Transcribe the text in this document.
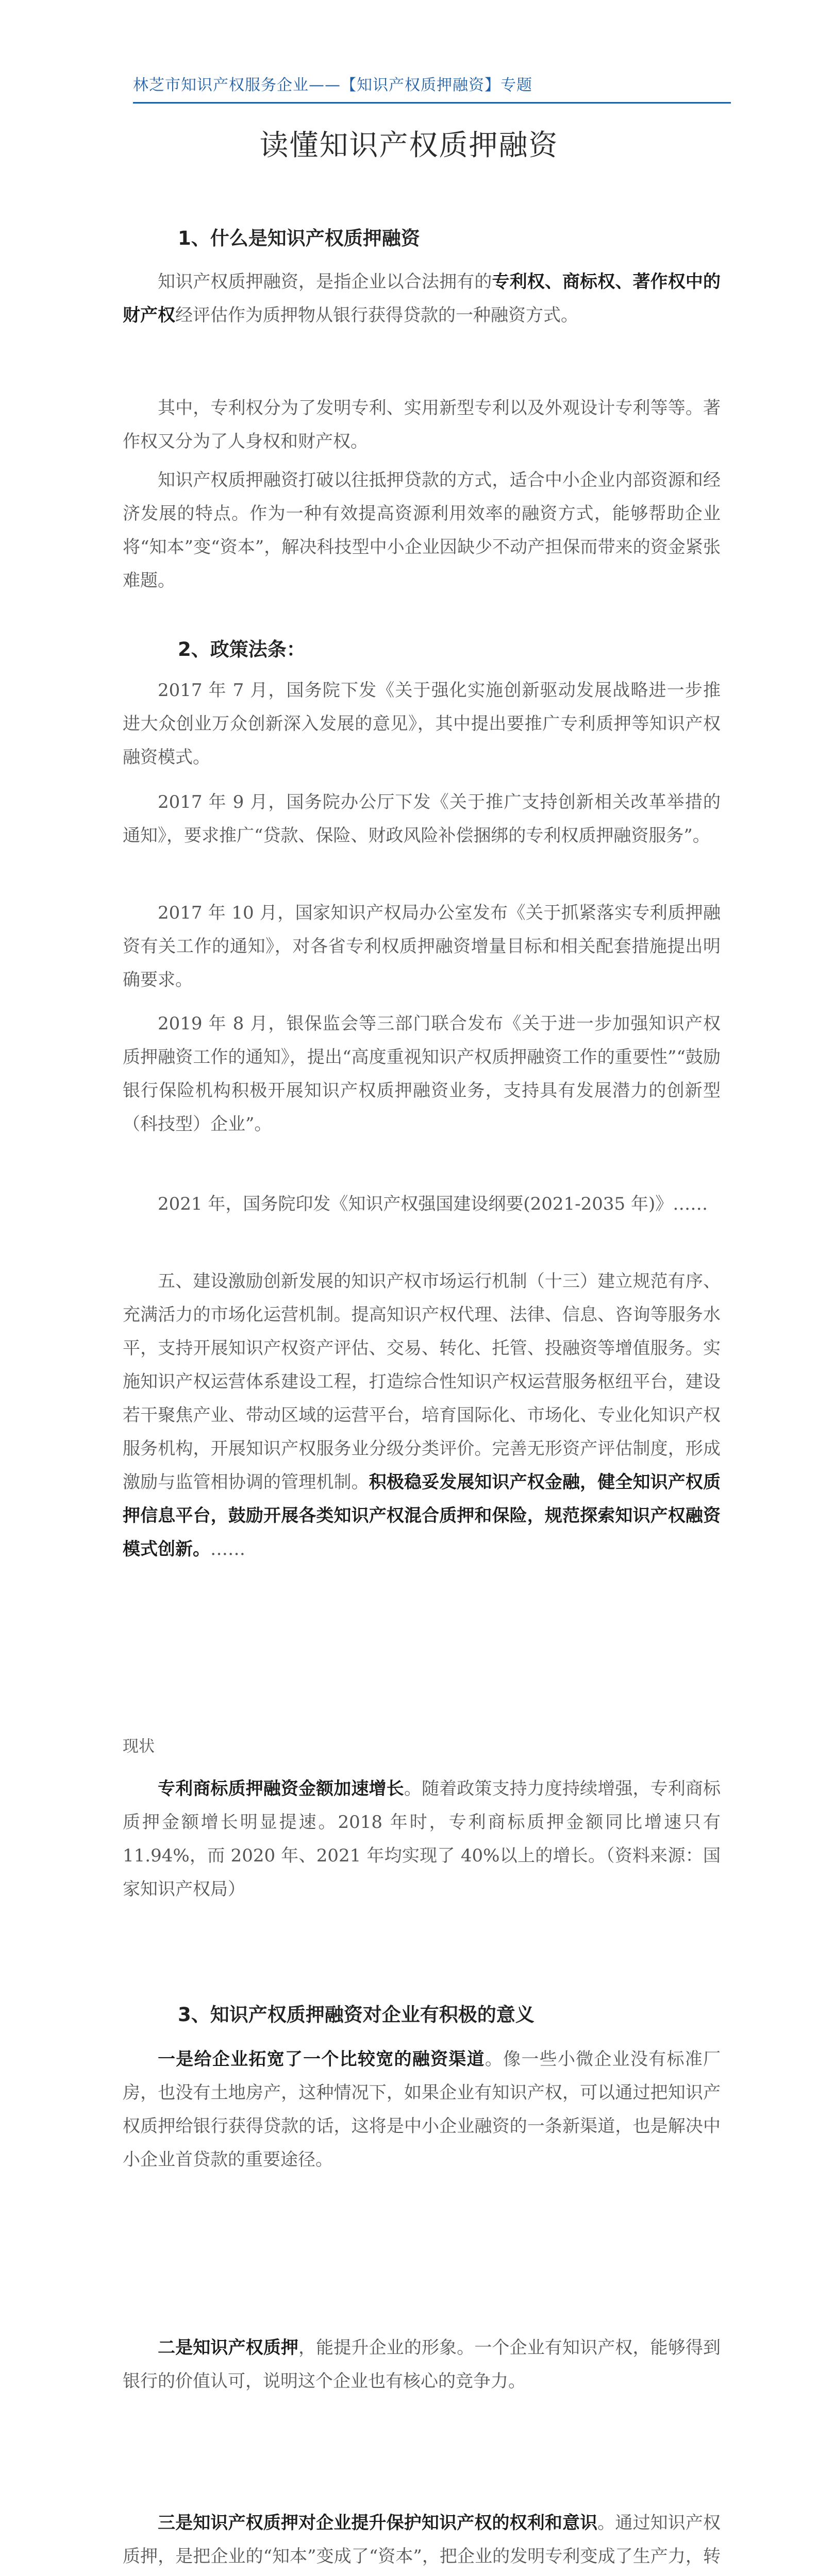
林芝市知识产权服务企业——【知识产权质押融资】专题
读懂知识产权质押融资
1、什么是知识产权质押融资
知识产权质押融资，是指企业以合法拥有的专利权、商标权、著作权中的财产权经评估作为质押物从银行获得贷款的一种融资方式。
其中，专利权分为了发明专利、实用新型专利以及外观设计专利等等。著作权又分为了人身权和财产权。
知识产权质押融资打破以往抵押贷款的方式，适合中小企业内部资源和经济发展的特点。作为一种有效提高资源利用效率的融资方式，能够帮助企业将“知本”变“资本”，解决科技型中小企业因缺少不动产担保而带来的资金紧张难题。
2、政策法条：
2017 年 7 月，国务院下发《关于强化实施创新驱动发展战略进一步推进大众创业万众创新深入发展的意见》，其中提出要推广专利质押等知识产权融资模式。
2017 年 9 月，国务院办公厅下发《关于推广支持创新相关改革举措的通知》，要求推广“贷款、保险、财政风险补偿捆绑的专利权质押融资服务”。
2017 年 10 月，国家知识产权局办公室发布《关于抓紧落实专利质押融资有关工作的通知》，对各省专利权质押融资增量目标和相关配套措施提出明确要求。
2019 年 8 月，银保监会等三部门联合发布《关于进一步加强知识产权质押融资工作的通知》，提出“高度重视知识产权质押融资工作的重要性”“鼓励银行保险机构积极开展知识产权质押融资业务，支持具有发展潜力的创新型（科技型）企业”。
2021 年，国务院印发《知识产权强国建设纲要(2021-2035 年)》……
五、建设激励创新发展的知识产权市场运行机制（十三）建立规范有序、充满活力的市场化运营机制。提高知识产权代理、法律、信息、咨询等服务水平，支持开展知识产权资产评估、交易、转化、托管、投融资等增值服务。实施知识产权运营体系建设工程，打造综合性知识产权运营服务枢纽平台，建设若干聚焦产业、带动区域的运营平台，培育国际化、市场化、专业化知识产权服务机构，开展知识产权服务业分级分类评价。完善无形资产评估制度，形成激励与监管相协调的管理机制。积极稳妥发展知识产权金融，健全知识产权质押信息平台，鼓励开展各类知识产权混合质押和保险，规范探索知识产权融资模式创新。……
现状
专利商标质押融资金额加速增长。随着政策支持力度持续增强，专利商标质押金额增长明显提速。2018 年时，专利商标质押金额同比增速只有 11.94%，而 2020 年、2021 年均实现了 40%以上的增长。（资料来源：国家知识产权局）
3、知识产权质押融资对企业有积极的意义
一是给企业拓宽了一个比较宽的融资渠道。像一些小微企业没有标准厂房，也没有土地房产，这种情况下，如果企业有知识产权，可以通过把知识产权质押给银行获得贷款的话，这将是中小企业融资的一条新渠道，也是解决中小企业首贷款的重要途径。
二是知识产权质押，能提升企业的形象。一个企业有知识产权，能够得到银行的价值认可，说明这个企业也有核心的竞争力。
三是知识产权质押对企业提升保护知识产权的权利和意识。通过知识产权质押，是把企业的“知本”变成了“资本”，把企业的发明专利变成了生产力，转
